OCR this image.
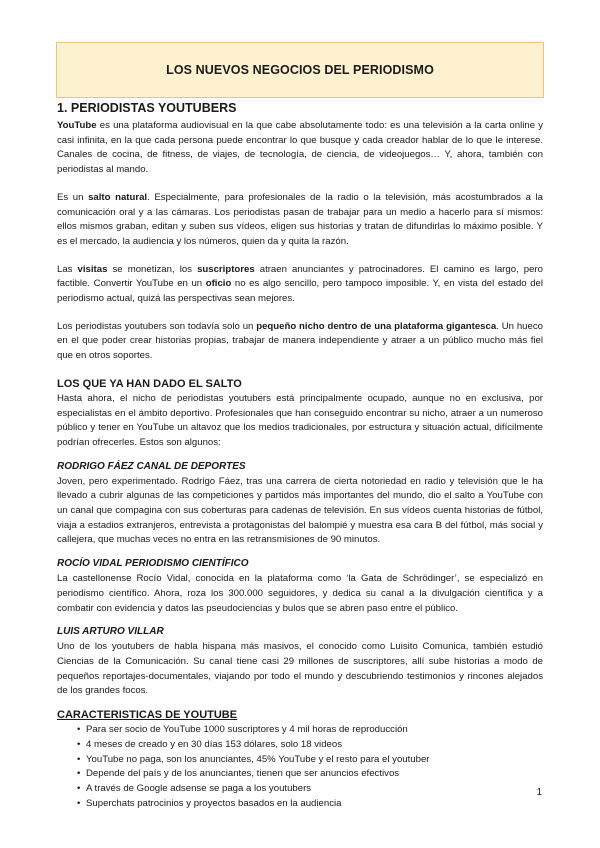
LOS NUEVOS NEGOCIOS DEL PERIODISMO
1. PERIODISTAS YOUTUBERS

YouTube es una plataforma audiovisual en la que cabe absolutamente todo: es una televisión a la carta online y casi infinita, en la que cada persona puede encontrar lo que busque y cada creador hablar de lo que le interese. Canales de cocina, de fitness, de viajes, de tecnología, de ciencia, de videojuegos… Y, ahora, también con periodistas al mando.

Es un salto natural. Especialmente, para profesionales de la radio o la televisión, más acostumbrados a la comunicación oral y a las cámaras. Los periodistas pasan de trabajar para un medio a hacerlo para sí mismos: ellos mismos graban, editan y suben sus vídeos, eligen sus historias y tratan de difundirlas lo máximo posible. Y es el mercado, la audiencia y los números, quien da y quita la razón.

Las visitas se monetizan, los suscriptores atraen anunciantes y patrocinadores. El camino es largo, pero factible. Convertir YouTube en un oficio no es algo sencillo, pero tampoco imposible. Y, en vista del estado del periodismo actual, quizá las perspectivas sean mejores.

Los periodistas youtubers son todavía solo un pequeño nicho dentro de una plataforma gigantesca. Un hueco en el que poder crear historias propias, trabajar de manera independiente y atraer a un público mucho más fiel que en otros soportes.

LOS QUE YA HAN DADO EL SALTO

Hasta ahora, el nicho de periodistas youtubers está principalmente ocupado, aunque no en exclusiva, por especialistas en el ámbito deportivo. Profesionales que han conseguido encontrar su nicho, atraer a un numeroso público y tener en YouTube un altavoz que los medios tradicionales, por estructura y situación actual, difícilmente podrían ofrecerles. Estos son algunos:

RODRIGO FÁEZ CANAL DE DEPORTES

Joven, pero experimentado. Rodrigo Fáez, tras una carrera de cierta notoriedad en radio y televisión que le ha llevado a cubrir algunas de las competiciones y partidos más importantes del mundo, dio el salto a YouTube con un canal que compagina con sus coberturas para cadenas de televisión. En sus vídeos cuenta historias de fútbol, viaja a estadios extranjeros, entrevista a protagonistas del balompié y muestra esa cara B del fútbol, más social y callejera, que muchas veces no entra en las retransmisiones de 90 minutos.

ROCÍO VIDAL PERIODISMO CIENTÍFICO

La castellonense Rocío Vidal, conocida en la plataforma como ‘la Gata de Schrödinger’, se especializó en periodismo científico. Ahora, roza los 300.000 seguidores, y dedica su canal a la divulgación científica y a combatir con evidencia y datos las pseudociencias y bulos que se abren paso entre el público.

LUIS ARTURO VILLAR

Uno de los youtubers de habla hispana más masivos, el conocido como Luisito Comunica, también estudió Ciencias de la Comunicación. Su canal tiene casi 29 millones de suscriptores, allí sube historias a modo de pequeños reportajes-documentales, viajando por todo el mundo y descubriendo testimonios y rincones alejados de los grandes focos.

CARACTERISTICAS DE YOUTUBE
• Para ser socio de YouTube 1000 suscriptores y 4 mil horas de reproducción
• 4 meses de creado y en 30 días 153 dólares, solo 18 videos
• YouTube no paga, son los anunciantes, 45% YouTube y el resto para el youtuber
• Depende del país y de los anunciantes, tienen que ser anuncios efectivos
• A través de Google adsense se paga a los youtubers
• Superchats patrocinios y proyectos basados en la audiencia
1
